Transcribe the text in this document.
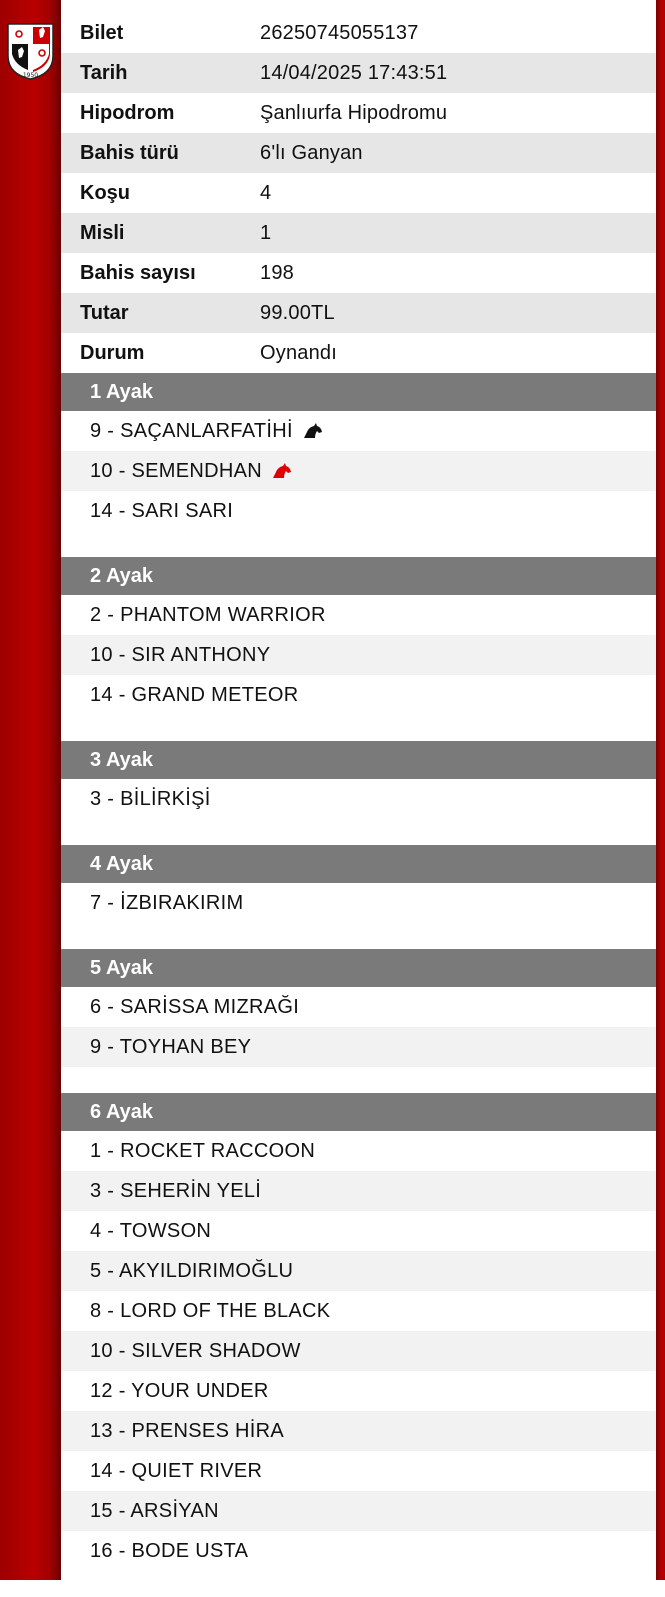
1950
Bilet	26250745055137
Tarih	14/04/2025 17:43:51
Hipodrom	Şanlıurfa Hipodromu
Bahis türü	6'lı Ganyan
Koşu	4
Misli	1
Bahis sayısı	198
Tutar	99.00TL
Durum	Oynandı
1 Ayak
9 - SAÇANLARFATİHİ
10 - SEMENDHAN
14 - SARI SARI
2 Ayak
2 - PHANTOM WARRIOR
10 - SIR ANTHONY
14 - GRAND METEOR
3 Ayak
3 - BİLİRKİŞİ
4 Ayak
7 - İZBIRAKIRIM
5 Ayak
6 - SARİSSA MIZRAĞI
9 - TOYHAN BEY
6 Ayak
1 - ROCKET RACCOON
3 - SEHERİN YELİ
4 - TOWSON
5 - AKYILDIRIMOĞLU
8 - LORD OF THE BLACK
10 - SILVER SHADOW
12 - YOUR UNDER
13 - PRENSES HİRA
14 - QUIET RIVER
15 - ARSİYAN
16 - BODE USTA
